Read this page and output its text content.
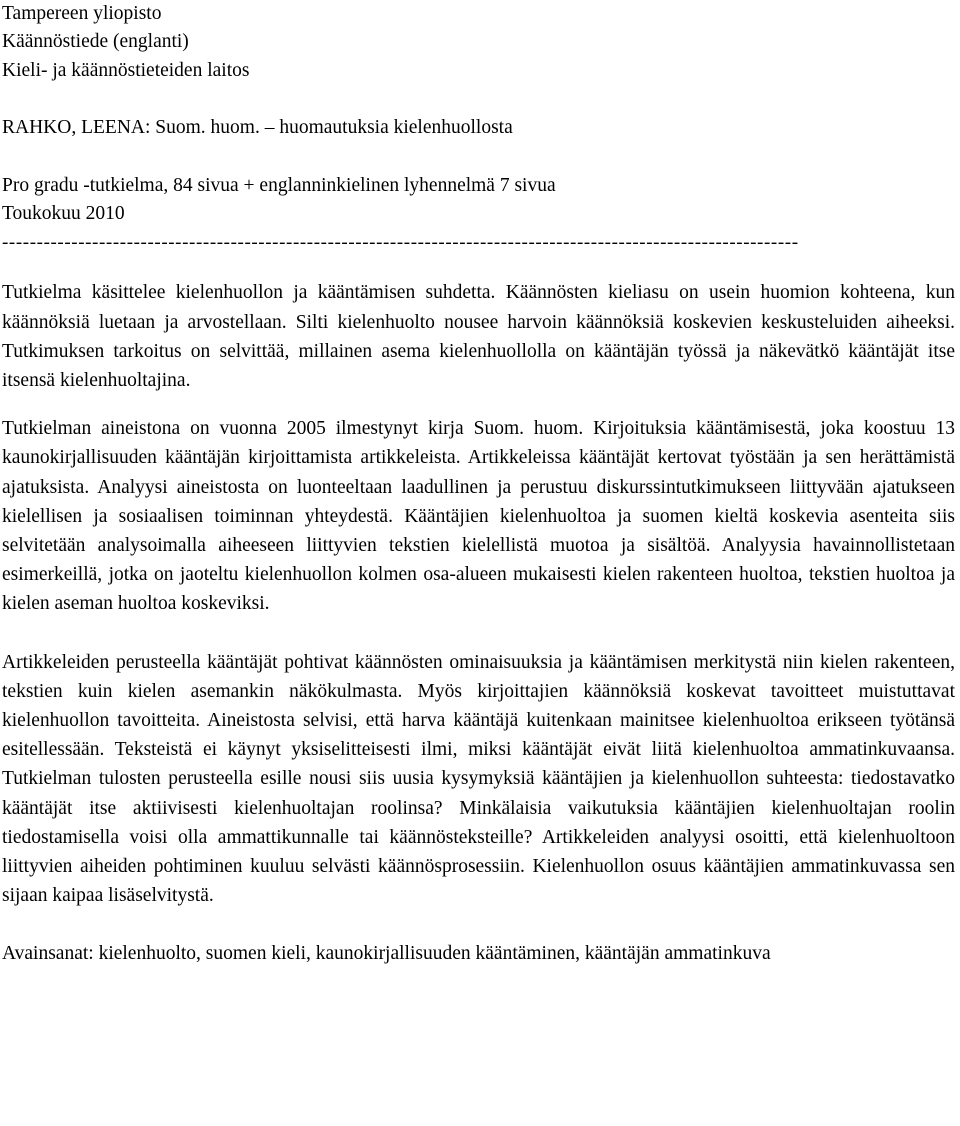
Tampereen yliopisto
Käännöstiede (englanti)
Kieli- ja käännöstieteiden laitos
RAHKO, LEENA: Suom. huom. – huomautuksia kielenhuollosta
Pro gradu -tutkielma, 84 sivua + englanninkielinen lyhennelmä 7 sivua
Toukokuu 2010
-------------------------------------------------------------------------------------------------------------------

Tutkielma käsittelee kielenhuollon ja kääntämisen suhdetta. Käännösten kieliasu on usein huomion kohteena, kun käännöksiä luetaan ja arvostellaan. Silti kielenhuolto nousee harvoin käännöksiä koskevien keskusteluiden aiheeksi. Tutkimuksen tarkoitus on selvittää, millainen asema kielenhuollolla on kääntäjän työssä ja näkevätkö kääntäjät itse itsensä kielenhuoltajina.

Tutkielman aineistona on vuonna 2005 ilmestynyt kirja Suom. huom. Kirjoituksia kääntämisestä, joka koostuu 13 kaunokirjallisuuden kääntäjän kirjoittamista artikkeleista. Artikkeleissa kääntäjät kertovat työstään ja sen herättämistä ajatuksista. Analyysi aineistosta on luonteeltaan laadullinen ja perustuu diskurssintutkimukseen liittyvään ajatukseen kielellisen ja sosiaalisen toiminnan yhteydestä. Kääntäjien kielenhuoltoa ja suomen kieltä koskevia asenteita siis selvitetään analysoimalla aiheeseen liittyvien tekstien kielellistä muotoa ja sisältöä. Analyysia havainnollistetaan esimerkeillä, jotka on jaoteltu kielenhuollon kolmen osa-alueen mukaisesti kielen rakenteen huoltoa, tekstien huoltoa ja kielen aseman huoltoa koskeviksi.

Artikkeleiden perusteella kääntäjät pohtivat käännösten ominaisuuksia ja kääntämisen merkitystä niin kielen rakenteen, tekstien kuin kielen asemankin näkökulmasta. Myös kirjoittajien käännöksiä koskevat tavoitteet muistuttavat kielenhuollon tavoitteita. Aineistosta selvisi, että harva kääntäjä kuitenkaan mainitsee kielenhuoltoa erikseen työtänsä esitellessään. Teksteistä ei käynyt yksiselitteisesti ilmi, miksi kääntäjät eivät liitä kielenhuoltoa ammatinkuvaansa. Tutkielman tulosten perusteella esille nousi siis uusia kysymyksiä kääntäjien ja kielenhuollon suhteesta: tiedostavatko kääntäjät itse aktiivisesti kielenhuoltajan roolinsa? Minkälaisia vaikutuksia kääntäjien kielenhuoltajan roolin tiedostamisella voisi olla ammattikunnalle tai käännösteksteille? Artikkeleiden analyysi osoitti, että kielenhuoltoon liittyvien aiheiden pohtiminen kuuluu selvästi käännösprosessiin. Kielenhuollon osuus kääntäjien ammatinkuvassa sen sijaan kaipaa lisäselvitystä.

Avainsanat: kielenhuolto, suomen kieli, kaunokirjallisuuden kääntäminen, kääntäjän ammatinkuva
